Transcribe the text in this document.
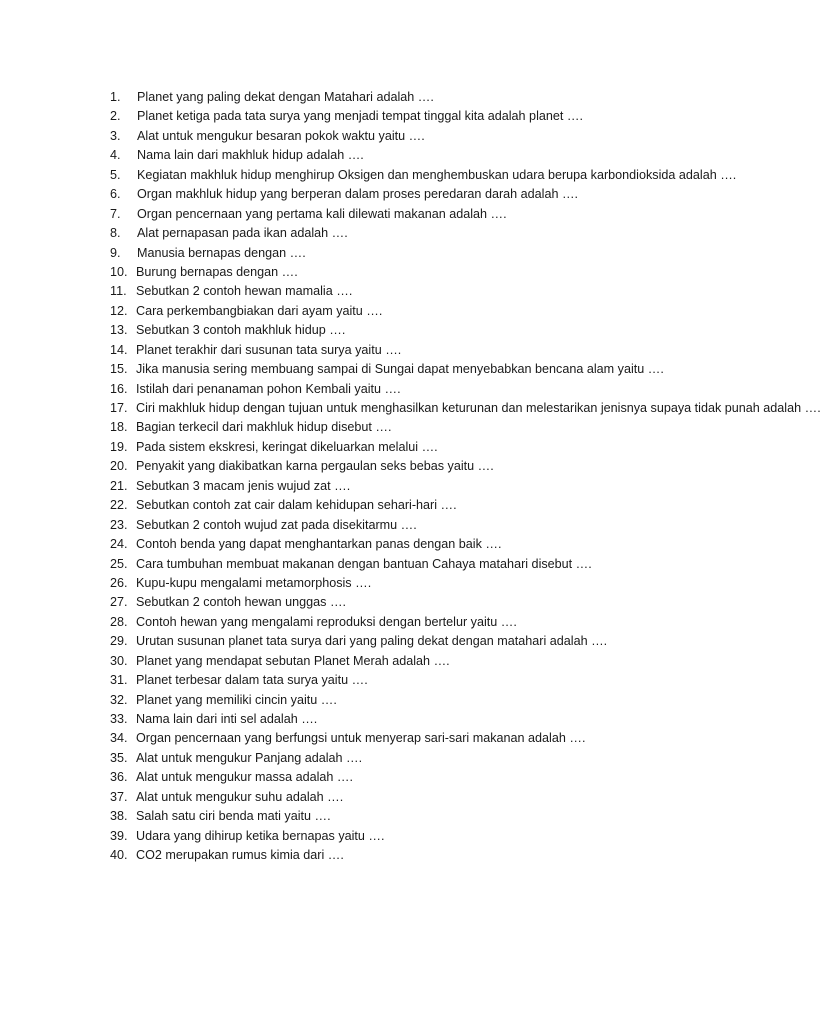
1.	Planet yang paling dekat dengan Matahari adalah ….
2.	Planet ketiga pada tata surya yang menjadi tempat tinggal kita adalah planet ….
3.	Alat untuk mengukur besaran pokok waktu yaitu ….
4.	Nama lain dari makhluk hidup adalah ….
5.	Kegiatan makhluk hidup menghirup Oksigen dan menghembuskan udara berupa karbondioksida adalah ….
6.	Organ makhluk hidup yang berperan dalam proses peredaran darah adalah ….
7.	Organ pencernaan yang pertama kali dilewati makanan adalah ….
8.	Alat pernapasan pada ikan adalah ….
9.	Manusia bernapas dengan ….
10. Burung bernapas dengan ….
11. Sebutkan 2 contoh hewan mamalia ….
12. Cara perkembangbiakan dari ayam yaitu ….
13. Sebutkan 3 contoh makhluk hidup ….
14. Planet terakhir dari susunan tata surya yaitu ….
15. Jika manusia sering membuang sampai di Sungai dapat menyebabkan bencana alam yaitu ….
16. Istilah dari penanaman pohon Kembali yaitu ….
17. Ciri makhluk hidup dengan tujuan untuk menghasilkan keturunan dan melestarikan jenisnya supaya tidak punah adalah ….
18. Bagian terkecil dari makhluk hidup disebut ….
19. Pada sistem ekskresi, keringat dikeluarkan melalui ….
20. Penyakit yang diakibatkan karna pergaulan seks bebas yaitu ….
21. Sebutkan 3 macam jenis wujud zat ….
22. Sebutkan contoh zat cair dalam kehidupan sehari-hari ….
23. Sebutkan 2 contoh wujud zat pada disekitarmu ….
24. Contoh benda yang dapat menghantarkan panas dengan baik ….
25. Cara tumbuhan membuat makanan dengan bantuan Cahaya matahari disebut ….
26. Kupu-kupu mengalami metamorphosis ….
27. Sebutkan 2 contoh hewan unggas ….
28. Contoh hewan yang mengalami reproduksi dengan bertelur yaitu ….
29. Urutan susunan planet tata surya dari yang paling dekat dengan matahari adalah ….
30. Planet yang mendapat sebutan Planet Merah adalah ….
31. Planet terbesar dalam tata surya yaitu ….
32. Planet yang memiliki cincin yaitu ….
33. Nama lain dari inti sel adalah ….
34. Organ pencernaan yang berfungsi untuk menyerap sari-sari makanan adalah ….
35. Alat untuk mengukur Panjang adalah ….
36. Alat untuk mengukur massa adalah ….
37. Alat untuk mengukur suhu adalah ….
38. Salah satu ciri benda mati yaitu ….
39. Udara yang dihirup ketika bernapas yaitu ….
40. CO2 merupakan rumus kimia dari ….
